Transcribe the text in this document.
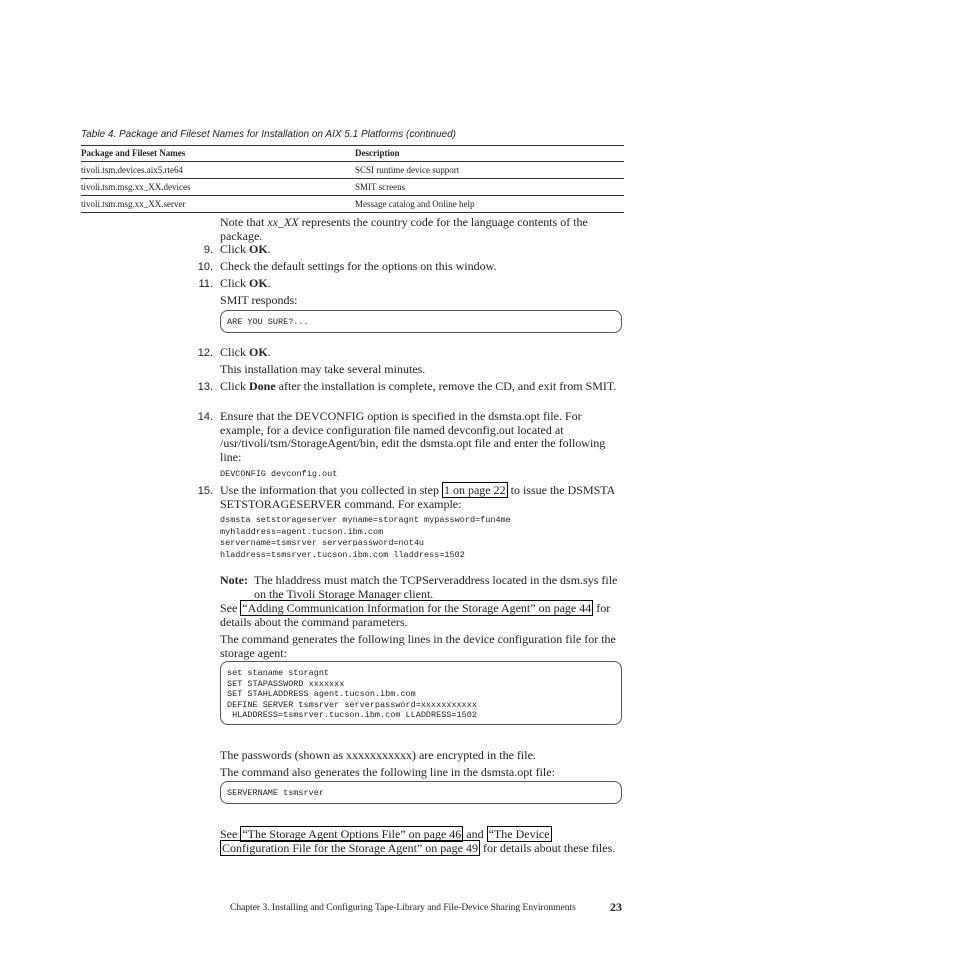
Table 4. Package and Fileset Names for Installation on AIX 5.1 Platforms (continued)
Package and Fileset Names	Description
tivoli.tsm.devices.aix5.rte64	SCSI runtime device support
tivoli.tsm.msg.xx_XX.devices	SMIT screens
tivoli.tsm.msg.xx_XX.server	Message catalog and Online help
Note that xx_XX represents the country code for the language contents of the package.
9. Click OK.
10. Check the default settings for the options on this window.
11. Click OK.
SMIT responds:
ARE YOU SURE?...
12. Click OK.
This installation may take several minutes.
13. Click Done after the installation is complete, remove the CD, and exit from SMIT.
14. Ensure that the DEVCONFIG option is specified in the dsmsta.opt file. For example, for a device configuration file named devconfig.out located at /usr/tivoli/tsm/StorageAgent/bin, edit the dsmsta.opt file and enter the following line:
DEVCONFIG devconfig.out
15. Use the information that you collected in step 1 on page 22 to issue the DSMSTA SETSTORAGESERVER command. For example:
dsmsta setstorageserver myname=storagnt mypassword=fun4me
myhladdress=agent.tucson.ibm.com
servername=tsmsrver serverpassword=not4u
hladdress=tsmsrver.tucson.ibm.com lladdress=1502
Note: The hladdress must match the TCPServeraddress located in the dsm.sys file on the Tivoli Storage Manager client.
See “Adding Communication Information for the Storage Agent” on page 44 for details about the command parameters.
The command generates the following lines in the device configuration file for the storage agent:
set staname storagnt
SET STAPASSWORD xxxxxxx
SET STAHLADDRESS agent.tucson.ibm.com
DEFINE SERVER tsmsrver serverpassword=xxxxxxxxxxx
HLADDRESS=tsmsrver.tucson.ibm.com LLADDRESS=1502
The passwords (shown as xxxxxxxxxxx) are encrypted in the file.
The command also generates the following line in the dsmsta.opt file:
SERVERNAME tsmsrver
See “The Storage Agent Options File” on page 46 and “The Device
Configuration File for the Storage Agent” on page 49 for details about these files.
Chapter 3. Installing and Configuring Tape-Library and File-Device Sharing Environments	23
